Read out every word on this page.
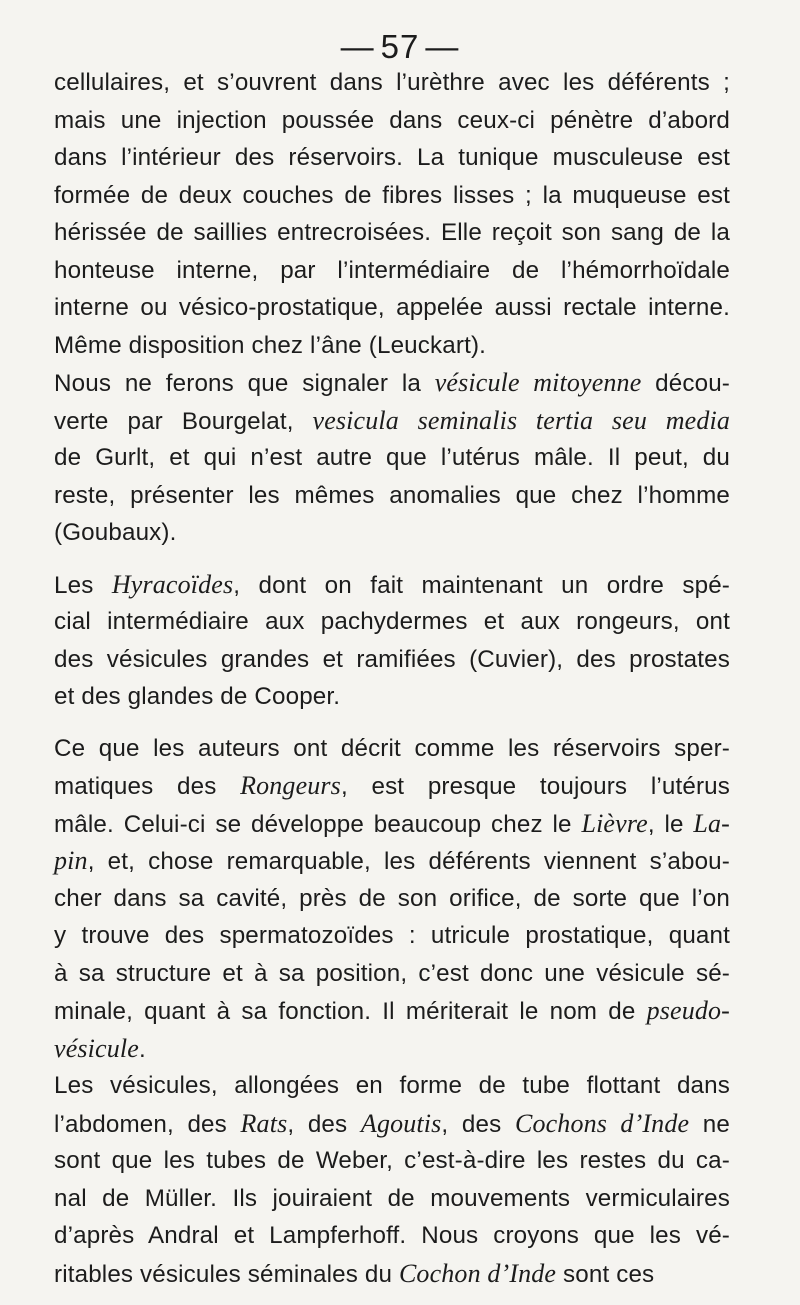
— 57 —
cellulaires, et s’ouvrent dans l’urèthre avec les déférents ;
mais une injection poussée dans ceux-ci pénètre d’abord
dans l’intérieur des réservoirs. La tunique musculeuse est
formée de deux couches de fibres lisses ; la muqueuse est
hérissée de saillies entrecroisées. Elle reçoit son sang de la
honteuse interne, par l’intermédiaire de l’hémorrhoïdale
interne ou vésico-prostatique, appelée aussi rectale interne.
Même disposition chez l’âne (Leuckart).
Nous ne ferons que signaler la vésicule mitoyenne décou-
verte par Bourgelat, vesicula seminalis tertia seu media
de Gurlt, et qui n’est autre que l’utérus mâle. Il peut, du
reste, présenter les mêmes anomalies que chez l’homme
(Goubaux).
Les Hyracoïdes, dont on fait maintenant un ordre spé-
cial intermédiaire aux pachydermes et aux rongeurs, ont
des vésicules grandes et ramifiées (Cuvier), des prostates
et des glandes de Cooper.
Ce que les auteurs ont décrit comme les réservoirs sper-
matiques des Rongeurs, est presque toujours l’utérus
mâle. Celui-ci se développe beaucoup chez le Lièvre, le La-
pin, et, chose remarquable, les déférents viennent s’abou-
cher dans sa cavité, près de son orifice, de sorte que l’on
y trouve des spermatozoïdes : utricule prostatique, quant
à sa structure et à sa position, c’est donc une vésicule sé-
minale, quant à sa fonction. Il mériterait le nom de pseudo-
vésicule.
Les vésicules, allongées en forme de tube flottant dans
l’abdomen, des Rats, des Agoutis, des Cochons d’Inde ne
sont que les tubes de Weber, c’est-à-dire les restes du ca-
nal de Müller. Ils jouiraient de mouvements vermiculaires
d’après Andral et Lampferhoff. Nous croyons que les vé-
ritables vésicules séminales du Cochon d’Inde sont ces
